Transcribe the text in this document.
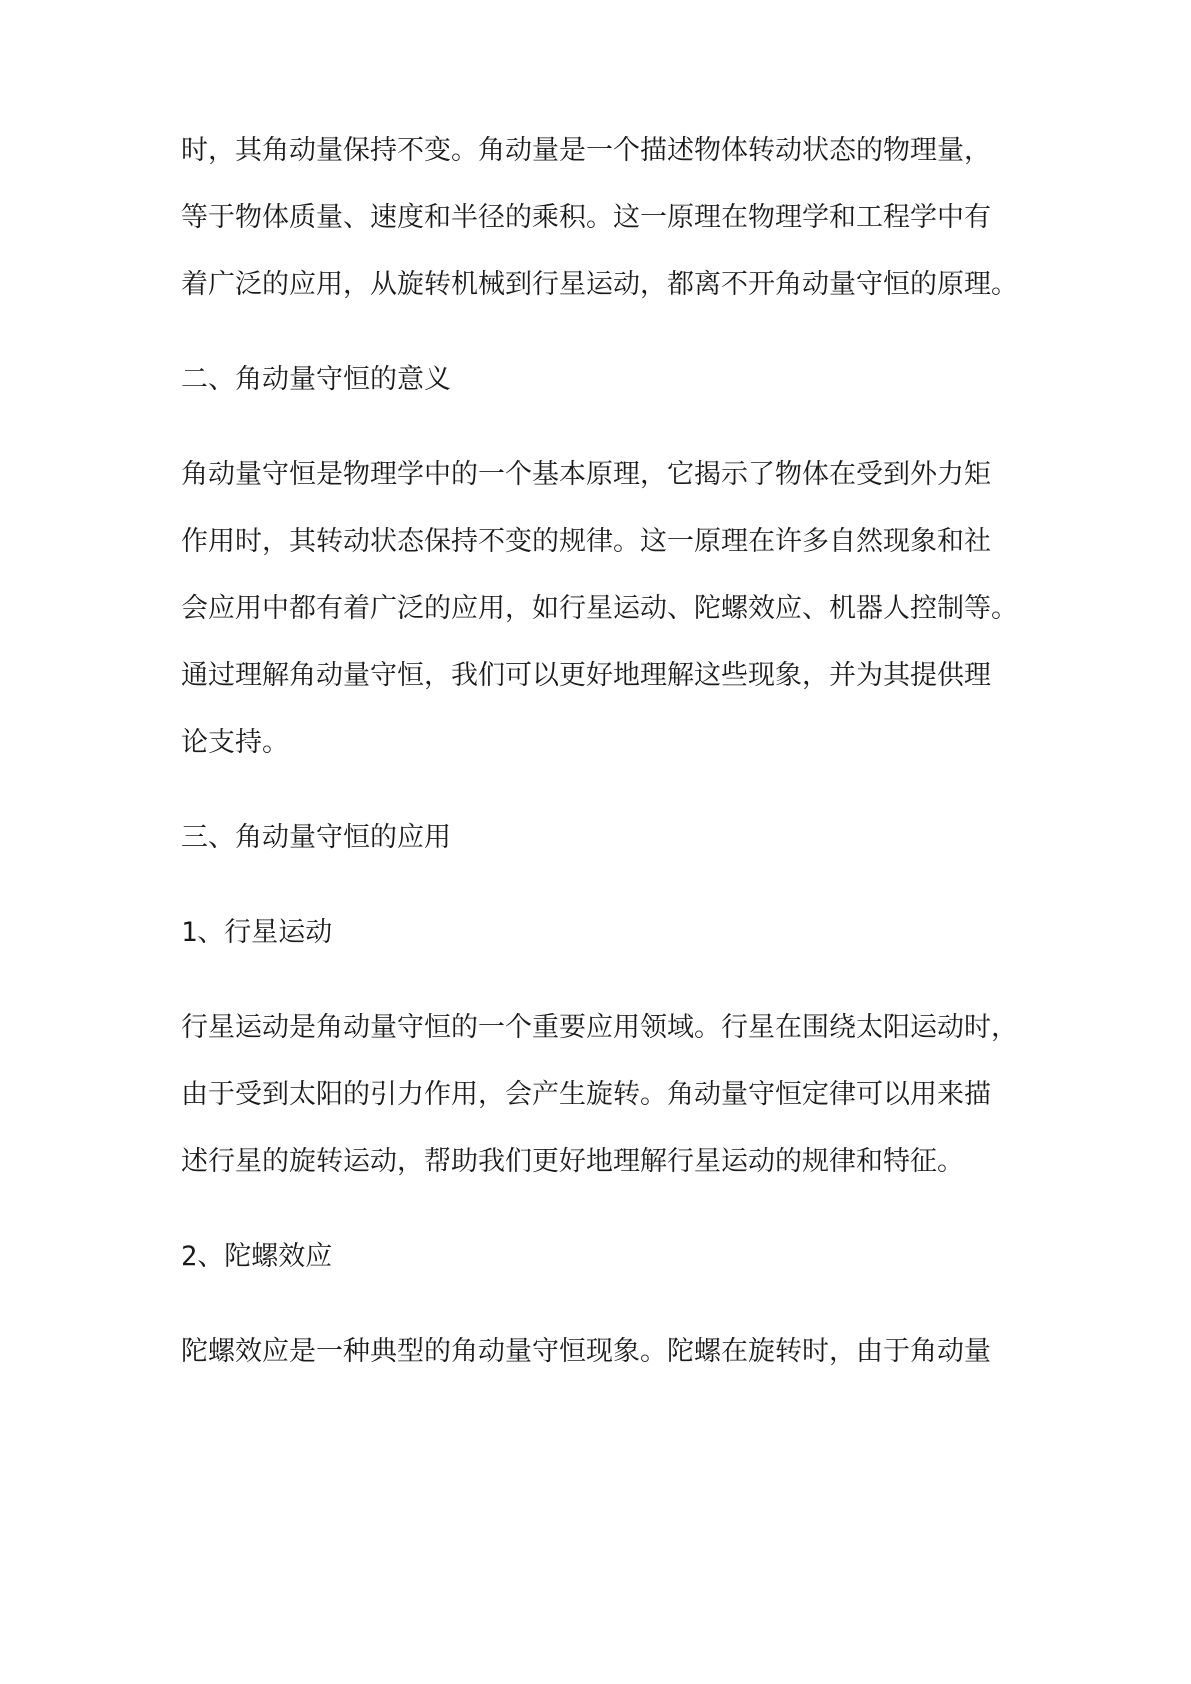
时，其角动量保持不变。角动量是一个描述物体转动状态的物理量，
等于物体质量、速度和半径的乘积。这一原理在物理学和工程学中有
着广泛的应用，从旋转机械到行星运动，都离不开角动量守恒的原理。
二、角动量守恒的意义
角动量守恒是物理学中的一个基本原理，它揭示了物体在受到外力矩
作用时，其转动状态保持不变的规律。这一原理在许多自然现象和社
会应用中都有着广泛的应用，如行星运动、陀螺效应、机器人控制等。
通过理解角动量守恒，我们可以更好地理解这些现象，并为其提供理
论支持。
三、角动量守恒的应用
1、行星运动
行星运动是角动量守恒的一个重要应用领域。行星在围绕太阳运动时，
由于受到太阳的引力作用，会产生旋转。角动量守恒定律可以用来描
述行星的旋转运动，帮助我们更好地理解行星运动的规律和特征。
2、陀螺效应
陀螺效应是一种典型的角动量守恒现象。陀螺在旋转时，由于角动量
